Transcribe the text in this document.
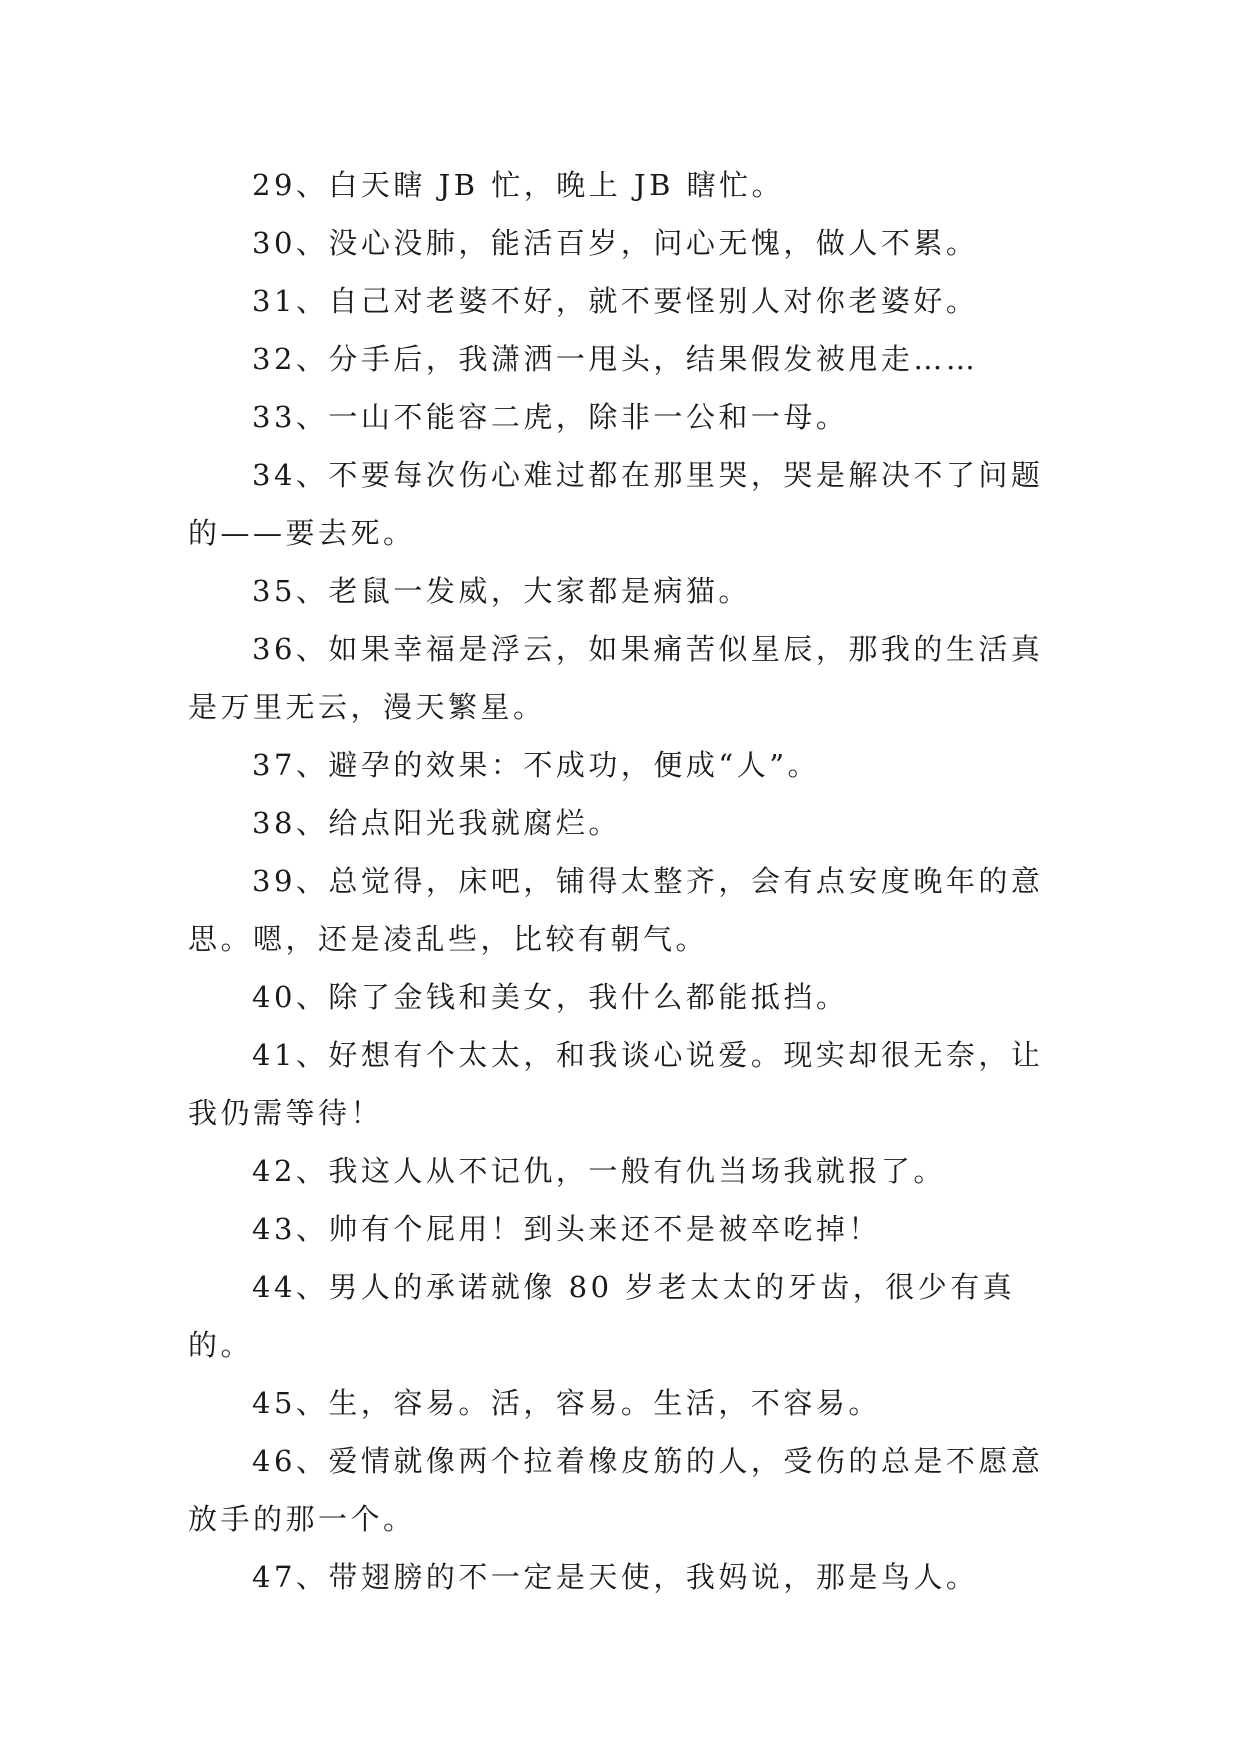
29、白天瞎 JB 忙，晚上 JB 瞎忙。

30、没心没肺，能活百岁，问心无愧，做人不累。

31、自己对老婆不好，就不要怪别人对你老婆好。

32、分手后，我潇洒一甩头，结果假发被甩走……

33、一山不能容二虎，除非一公和一母。

34、不要每次伤心难过都在那里哭，哭是解决不了问题的——要去死。

35、老鼠一发威，大家都是病猫。

36、如果幸福是浮云，如果痛苦似星辰，那我的生活真是万里无云，漫天繁星。

37、避孕的效果：不成功，便成“人”。

38、给点阳光我就腐烂。

39、总觉得，床吧，铺得太整齐，会有点安度晚年的意思。嗯，还是凌乱些，比较有朝气。

40、除了金钱和美女，我什么都能抵挡。

41、好想有个太太，和我谈心说爱。现实却很无奈，让我仍需等待！

42、我这人从不记仇，一般有仇当场我就报了。

43、帅有个屁用！到头来还不是被卒吃掉！

44、男人的承诺就像 80 岁老太太的牙齿，很少有真的。

45、生，容易。活，容易。生活，不容易。

46、爱情就像两个拉着橡皮筋的人，受伤的总是不愿意放手的那一个。

47、带翅膀的不一定是天使，我妈说，那是鸟人。
